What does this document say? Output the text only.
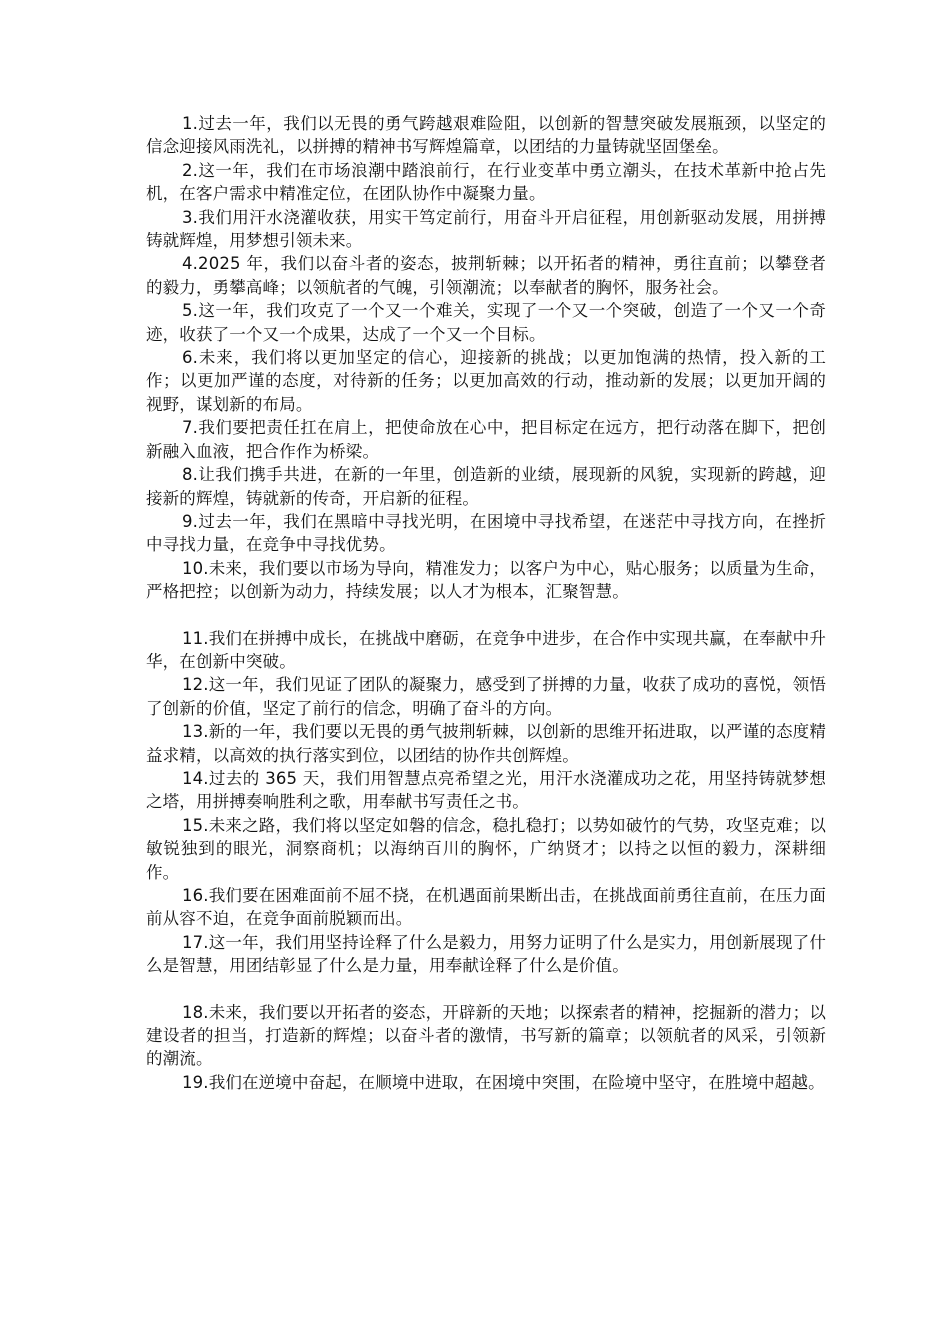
1.过去一年，我们以无畏的勇气跨越艰难险阻，以创新的智慧突破发展瓶颈，以坚定的信念迎接风雨洗礼，以拼搏的精神书写辉煌篇章，以团结的力量铸就坚固堡垒。

2.这一年，我们在市场浪潮中踏浪前行，在行业变革中勇立潮头，在技术革新中抢占先机，在客户需求中精准定位，在团队协作中凝聚力量。

3.我们用汗水浇灌收获，用实干笃定前行，用奋斗开启征程，用创新驱动发展，用拼搏铸就辉煌，用梦想引领未来。

4.2025 年，我们以奋斗者的姿态，披荆斩棘；以开拓者的精神，勇往直前；以攀登者的毅力，勇攀高峰；以领航者的气魄，引领潮流；以奉献者的胸怀，服务社会。

5.这一年，我们攻克了一个又一个难关，实现了一个又一个突破，创造了一个又一个奇迹，收获了一个又一个成果，达成了一个又一个目标。

6.未来，我们将以更加坚定的信心，迎接新的挑战；以更加饱满的热情，投入新的工作；以更加严谨的态度，对待新的任务；以更加高效的行动，推动新的发展；以更加开阔的视野，谋划新的布局。

7.我们要把责任扛在肩上，把使命放在心中，把目标定在远方，把行动落在脚下，把创新融入血液，把合作作为桥梁。

8.让我们携手共进，在新的一年里，创造新的业绩，展现新的风貌，实现新的跨越，迎接新的辉煌，铸就新的传奇，开启新的征程。

9.过去一年，我们在黑暗中寻找光明，在困境中寻找希望，在迷茫中寻找方向，在挫折中寻找力量，在竞争中寻找优势。

10.未来，我们要以市场为导向，精准发力；以客户为中心，贴心服务；以质量为生命，严格把控；以创新为动力，持续发展；以人才为根本，汇聚智慧。

11.我们在拼搏中成长，在挑战中磨砺，在竞争中进步，在合作中实现共赢，在奉献中升华，在创新中突破。

12.这一年，我们见证了团队的凝聚力，感受到了拼搏的力量，收获了成功的喜悦，领悟了创新的价值，坚定了前行的信念，明确了奋斗的方向。

13.新的一年，我们要以无畏的勇气披荆斩棘，以创新的思维开拓进取，以严谨的态度精益求精，以高效的执行落实到位，以团结的协作共创辉煌。

14.过去的 365 天，我们用智慧点亮希望之光，用汗水浇灌成功之花，用坚持铸就梦想之塔，用拼搏奏响胜利之歌，用奉献书写责任之书。

15.未来之路，我们将以坚定如磐的信念，稳扎稳打；以势如破竹的气势，攻坚克难；以敏锐独到的眼光，洞察商机；以海纳百川的胸怀，广纳贤才；以持之以恒的毅力，深耕细作。

16.我们要在困难面前不屈不挠，在机遇面前果断出击，在挑战面前勇往直前，在压力面前从容不迫，在竞争面前脱颖而出。

17.这一年，我们用坚持诠释了什么是毅力，用努力证明了什么是实力，用创新展现了什么是智慧，用团结彰显了什么是力量，用奉献诠释了什么是价值。

18.未来，我们要以开拓者的姿态，开辟新的天地；以探索者的精神，挖掘新的潜力；以建设者的担当，打造新的辉煌；以奋斗者的激情，书写新的篇章；以领航者的风采，引领新的潮流。

19.我们在逆境中奋起，在顺境中进取，在困境中突围，在险境中坚守，在胜境中超越。
